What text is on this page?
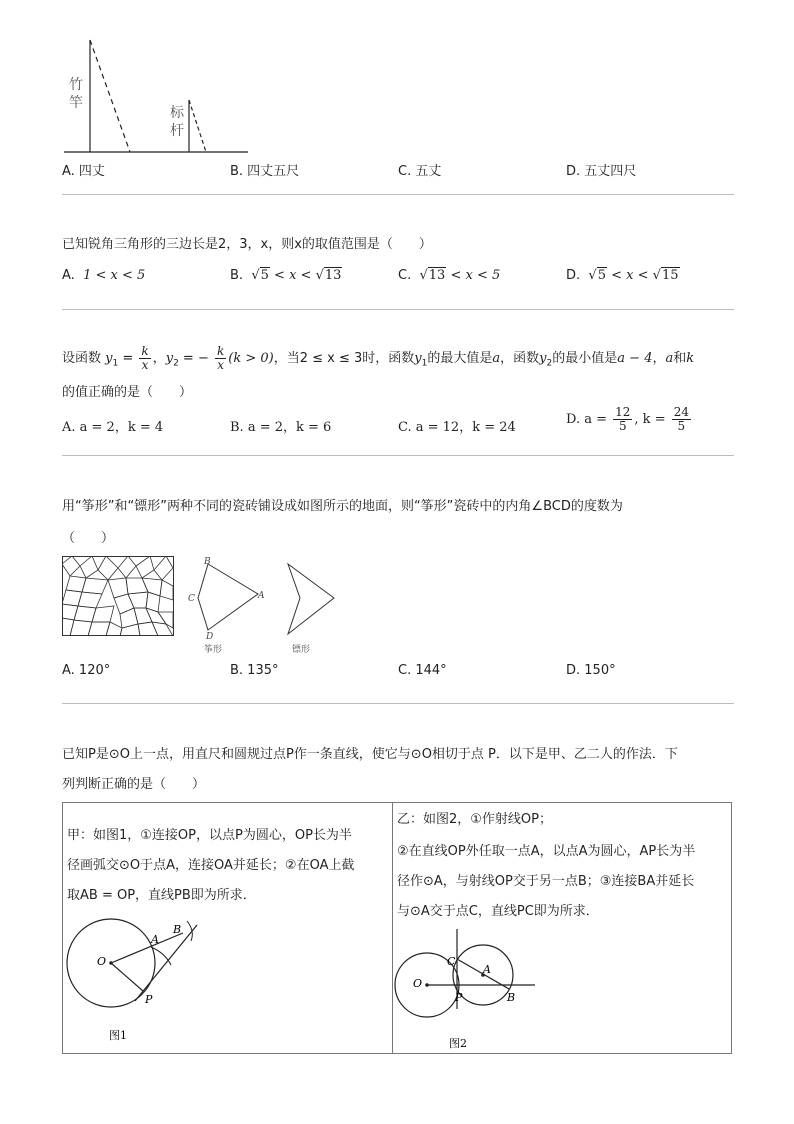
竹竿
标杆
A. 四丈	B. 四丈五尺	C. 五丈	D. 五丈四尺
已知锐角三角形的三边长是2，3，x，则x的取值范围是（　　）
A. 1 < x < 5	B. √5 < x < √13	C. √13 < x < 5	D. √5 < x < √15
设函数 $y_1 = \frac{k}{x}$ ，$y_2$ = − $\frac{k}{x} (k > 0)$，当2 ≤ x ≤ 3时，函数$y_1$的最大值是a，函数$y_2$的最小值是a − 4，a和k
的值正确的是（　　）
A. a = 2，k = 4	B. a = 2，k = 6	C. a = 12，k = 24
D. $a = \frac{12}{5}$ , $k = \frac{24}{5}$
用“筝形”和“镖形”两种不同的瓷砖铺设成如图所示的地面，则“筝形”瓷砖中的内角∠BCD的度数为
（　　）
B
C	A
D
筝形	镖形
A. 120°	B. 135°	C. 144°	D. 150°
已知P是⊙O上一点，用直尺和圆规过点P作一条直线，使它与⊙O相切于点 P．以下是甲、乙二人的作法．下
列判断正确的是（　　）
甲：如图1，①连接OP，以点P为圆心，OP长为半
径画弧交⊙O于点A，连接OA并延长；②在OA上截
取AB = OP，直线PB即为所求．
O
A
B
P
图1
乙：如图2，①作射线OP；
②在直线OP外任取一点A，以点A为圆心，AP长为半
径作⊙A，与射线OP交于另一点B；③连接BA并延长
与⊙A交于点C，直线PC即为所求．
O
C
A
P	B
图2
